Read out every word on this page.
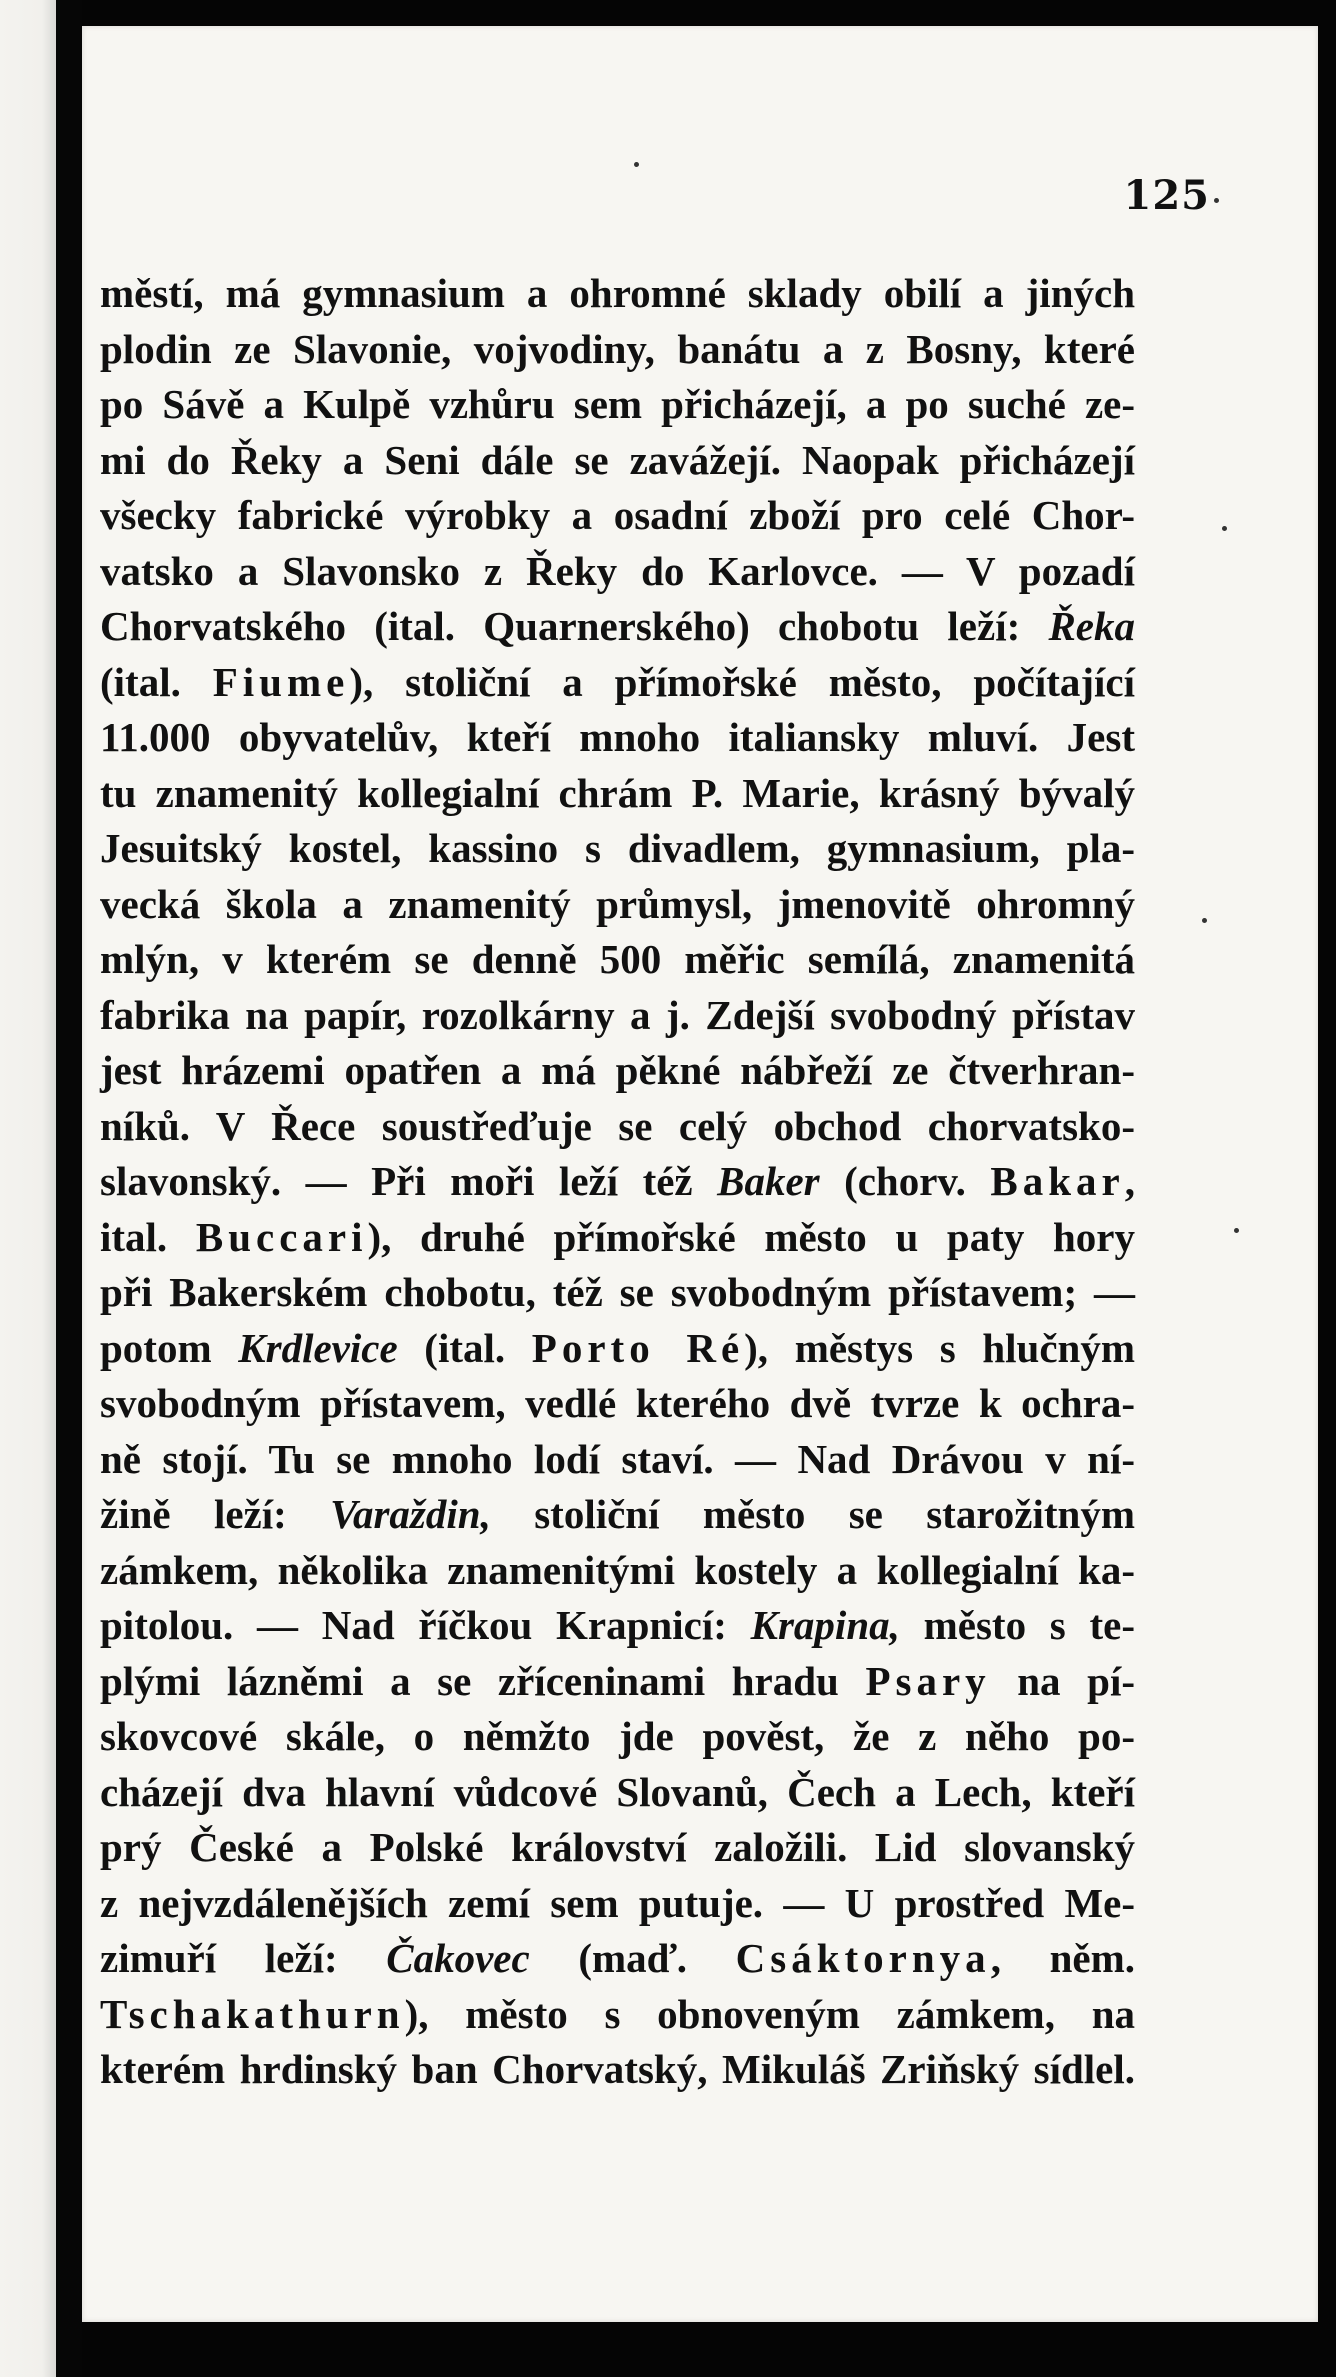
125
městí, má gymnasium a ohromné sklady obilí a jiných
plodin ze Slavonie, vojvodiny, banátu a z Bosny, které
po Sávě a Kulpě vzhůru sem přicházejí, a po suché ze-
mi do Řeky a Seni dále se zavážejí. Naopak přicházejí
všecky fabrické výrobky a osadní zboží pro celé Chor-
vatsko a Slavonsko z Řeky do Karlovce. — V pozadí
Chorvatského (ital. Quarnerského) chobotu leží: Řeka
(ital. Fiume), stoliční a přímořské město, počítající
11.000 obyvatelův, kteří mnoho italiansky mluví. Jest
tu znamenitý kollegialní chrám P. Marie, krásný bývalý
Jesuitský kostel, kassino s divadlem, gymnasium, pla-
vecká škola a znamenitý průmysl, jmenovitě ohromný
mlýn, v kterém se denně 500 měřic semílá, znamenitá
fabrika na papír, rozolkárny a j. Zdejší svobodný přístav
jest hrázemi opatřen a má pěkné nábřeží ze čtverhran-
níků. V Řece soustřeďuje se celý obchod chorvatsko-
slavonský. — Při moři leží též Baker (chorv. Bakar,
ital. Buccari), druhé přímořské město u paty hory
při Bakerském chobotu, též se svobodným přístavem; —
potom Krdlevice (ital. Porto Ré), městys s hlučným
svobodným přístavem, vedlé kterého dvě tvrze k ochra-
ně stojí. Tu se mnoho lodí staví. — Nad Drávou v ní-
žině leží: Varaždin, stoliční město se starožitným
zámkem, několika znamenitými kostely a kollegialní ka-
pitolou. — Nad říčkou Krapnicí: Krapina, město s te-
plými lázněmi a se zříceninami hradu Psary na pí-
skovcové skále, o němžto jde pověst, že z něho po-
cházejí dva hlavní vůdcové Slovanů, Čech a Lech, kteří
prý České a Polské království založili. Lid slovanský
z nejvzdálenějších zemí sem putuje. — U prostřed Me-
zimuří leží: Čakovec (maď. Csáktornya, něm.
Tschakathurn), město s obnoveným zámkem, na
kterém hrdinský ban Chorvatský, Mikuláš Zriňský sídlel.
